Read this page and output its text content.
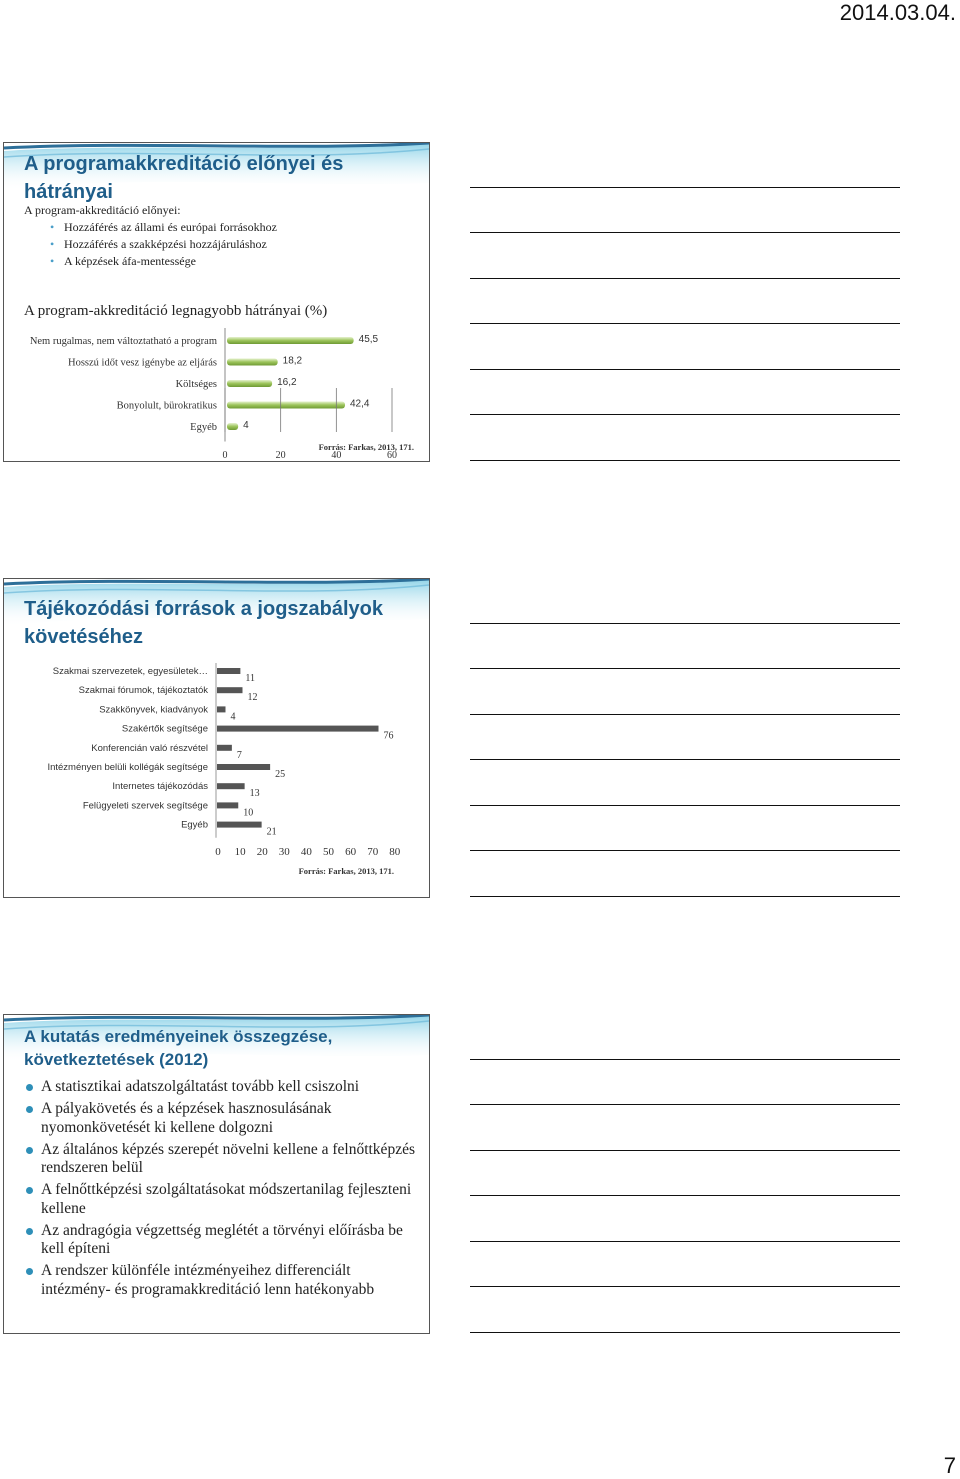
2014.03.04.
A programakkreditáció előnyei és hátrányai
A program-akkreditáció előnyei:
• Hozzáférés az állami és európai forrásokhoz
• Hozzáférés a szakképzési hozzájáruláshoz
• A képzések áfa-mentessége
A program-akkreditáció legnagyobb hátrányai (%)
Nem rugalmas, nem változtatható a program	45,5
Hosszú időt vesz igénybe az eljárás	18,2
Költséges	16,2
Bonyolult, bürokratikus	42,4
Egyéb	4
0	20	40	60
Forrás: Farkas, 2013, 171.
Tájékozódási források a jogszabályok követéséhez
Szakmai szervezetek, egyesületek…
11
Szakmai fórumok, tájékoztatók
12
Szakkönyvek, kiadványok
4
Szakértők segítsége
76
Konferencián való részvétel
7
Intézményen belüli kollégák segítsége
25
Internetes tájékozódás
13
Felügyeleti szervek segítsége
10
Egyéb
21
0 10 20 30 40 50 60 70 80
Forrás: Farkas, 2013, 171.
A kutatás eredményeinek összegzése, következtetések (2012)
A statisztikai adatszolgáltatást tovább kell csiszolni
A pályakövetés és a képzések hasznosulásának nyomonkövetését ki kellene dolgozni
Az általános képzés szerepét növelni kellene a felnőttképzés rendszeren belül
A felnőttképzési szolgáltatásokat módszertanilag fejleszteni kellene
Az andragógia végzettség meglétét a törvényi előírásba be kell építeni
A rendszer különféle intézményeihez differenciált intézmény- és programakkreditáció lenn hatékonyabb
7
